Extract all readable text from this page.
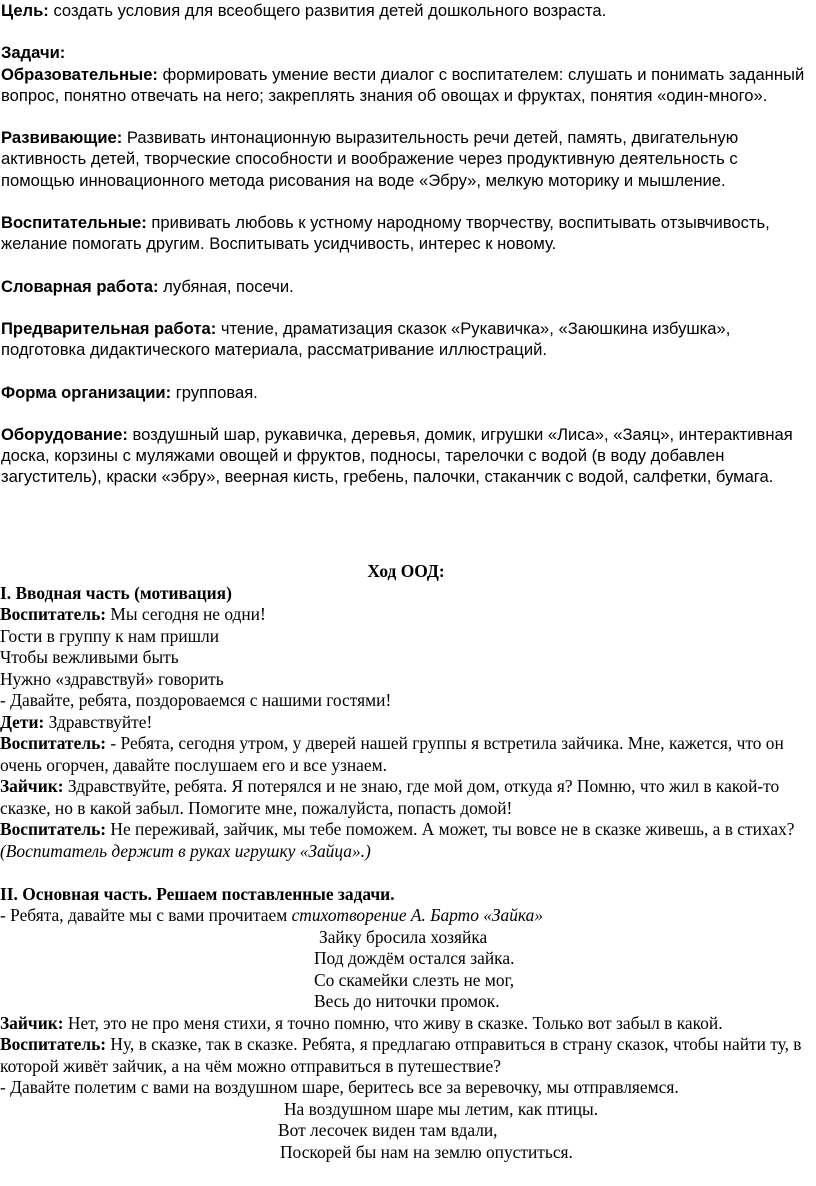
Цель: создать условия для всеобщего развития детей дошкольного возраста.

Задачи:

Образовательные: формировать умение вести диалог с воспитателем: слушать и понимать заданный вопрос, понятно отвечать на него; закреплять знания об овощах и фруктах, понятия «один-много».

Развивающие: Развивать интонационную выразительность речи детей, память, двигательную активность детей, творческие способности и воображение через продуктивную деятельность с помощью инновационного метода рисования на воде «Эбру», мелкую моторику и мышление.

Воспитательные: прививать любовь к устному народному творчеству, воспитывать отзывчивость, желание помогать другим. Воспитывать усидчивость, интерес к новому.

Словарная работа: лубяная, посечи.

Предварительная работа: чтение, драматизация сказок «Рукавичка», «Заюшкина избушка», подготовка дидактического материала, рассматривание иллюстраций.

Форма организации: групповая.

Оборудование: воздушный шар, рукавичка, деревья, домик, игрушки «Лиса», «Заяц», интерактивная доска, корзины с муляжами овощей и фруктов, подносы, тарелочки с водой (в воду добавлен загуститель), краски «эбру», веерная кисть, гребень, палочки, стаканчик с водой, салфетки, бумага.

Ход ООД:

I. Вводная часть (мотивация)

Воспитатель: Мы сегодня не одни!

Гости в группу к нам пришли

Чтобы вежливыми быть

Нужно «здравствуй» говорить

- Давайте, ребята, поздороваемся с нашими гостями!

Дети: Здравствуйте!

Воспитатель: - Ребята, сегодня утром, у дверей нашей группы я встретила зайчика. Мне, кажется, что он очень огорчен, давайте послушаем его и все узнаем.

Зайчик: Здравствуйте, ребята. Я потерялся и не знаю, где мой дом, откуда я? Помню, что жил в какой-то сказке, но в какой забыл. Помогите мне, пожалуйста, попасть домой!

Воспитатель: Не переживай, зайчик, мы тебе поможем. А может, ты вовсе не в сказке живешь, а в стихах?

(Воспитатель держит в руках игрушку «Зайца».)

II. Основная часть. Решаем поставленные задачи.

- Ребята, давайте мы с вами прочитаем стихотворение А. Барто «Зайка»

Зайку бросила хозяйка

Под дождём остался зайка.

Со скамейки слезть не мог,

Весь до ниточки промок.

Зайчик: Нет, это не про меня стихи, я точно помню, что живу в сказке. Только вот забыл в какой.

Воспитатель: Ну, в сказке, так в сказке. Ребята, я предлагаю отправиться в страну сказок, чтобы найти ту, в которой живёт зайчик, а на чём можно отправиться в путешествие?

- Давайте полетим с вами на воздушном шаре, беритесь все за веревочку, мы отправляемся.

На воздушном шаре мы летим, как птицы.

Вот лесочек виден там вдали,

Поскорей бы нам на землю опуститься.
